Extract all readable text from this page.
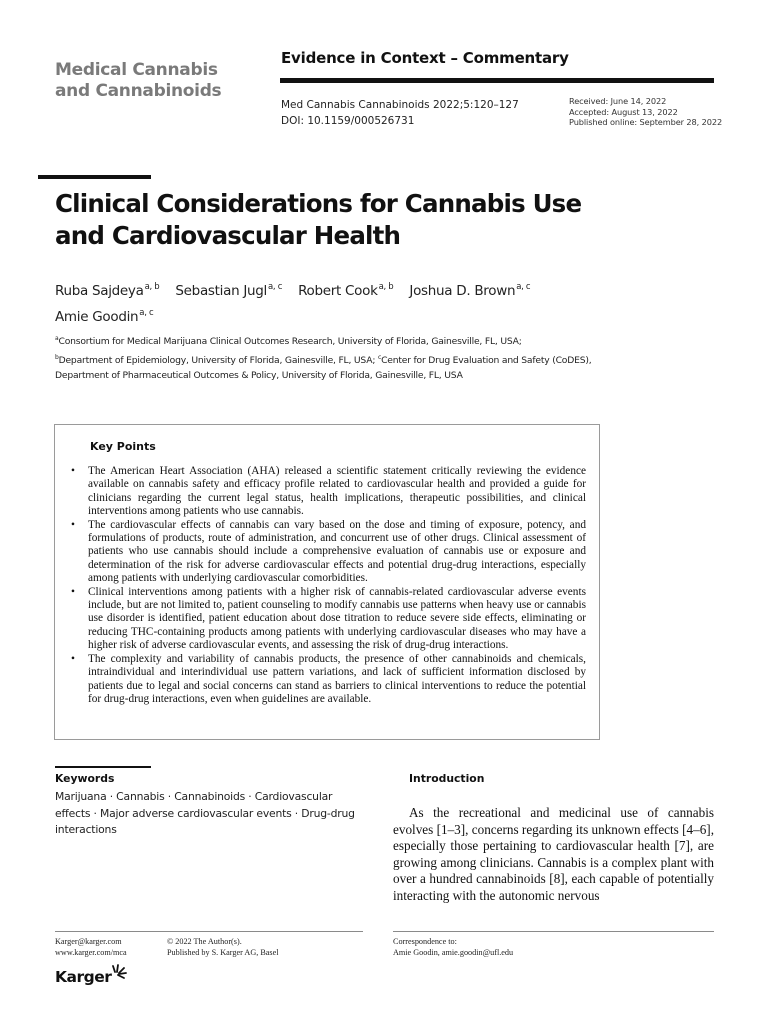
Medical Cannabis
and Cannabinoids
Evidence in Context – Commentary
Med Cannabis Cannabinoids 2022;5:120–127
DOI: 10.1159/000526731
Received: June 14, 2022
Accepted: August 13, 2022
Published online: September 28, 2022
Clinical Considerations for Cannabis Use
and Cardiovascular Health
Ruba Sajdeya$^{a, b}$ Sebastian Jugl$^{a, c}$ Robert Cook$^{a, b}$ Joshua D. Brown$^{a, c}$
Amie Goodin$^{a, c}$
$^a$Consortium for Medical Marijuana Clinical Outcomes Research, University of Florida, Gainesville, FL, USA;
$^b$Department of Epidemiology, University of Florida, Gainesville, FL, USA; $^c$Center for Drug Evaluation and Safety (CoDES), Department of Pharmaceutical Outcomes & Policy, University of Florida, Gainesville, FL, USA
Key Points
• The American Heart Association (AHA) released a scientific statement critically reviewing the evidence available on cannabis safety and efficacy profile related to cardiovascular health and provided a guide for clinicians regarding the current legal status, health implications, therapeutic possibilities, and clinical interventions among patients who use cannabis.
• The cardiovascular effects of cannabis can vary based on the dose and timing of exposure, potency, and formulations of products, route of administration, and concurrent use of other drugs. Clinical assessment of patients who use cannabis should include a comprehensive evaluation of cannabis use or exposure and determination of the risk for adverse cardiovascular effects and potential drug-drug interactions, especially among patients with underlying cardiovascular comorbidities.
• Clinical interventions among patients with a higher risk of cannabis-related cardiovascular adverse events include, but are not limited to, patient counseling to modify cannabis use patterns when heavy use or cannabis use disorder is identified, patient education about dose titration to reduce severe side effects, eliminating or reducing THC-containing products among patients with underlying cardiovascular diseases who may have a higher risk of adverse cardiovascular events, and assessing the risk of drug-drug interactions.
• The complexity and variability of cannabis products, the presence of other cannabinoids and chemicals, intraindividual and interindividual use pattern variations, and lack of sufficient information disclosed by patients due to legal and social concerns can stand as barriers to clinical interventions to reduce the potential for drug-drug interactions, even when guidelines are available.
Keywords
Marijuana · Cannabis · Cannabinoids · Cardiovascular effects · Major adverse cardiovascular events · Drug-drug interactions
Introduction

As the recreational and medicinal use of cannabis evolves [1–3], concerns regarding its unknown effects [4–6], especially those pertaining to cardiovascular health [7], are growing among clinicians. Cannabis is a complex plant with over a hundred cannabinoids [8], each capable of potentially interacting with the autonomic nervous

Karger@karger.com
www.karger.com/mca
© 2022 The Author(s).
Published by S. Karger AG, Basel
Correspondence to:
Amie Goodin, amie.goodin@ufl.edu
Karger
